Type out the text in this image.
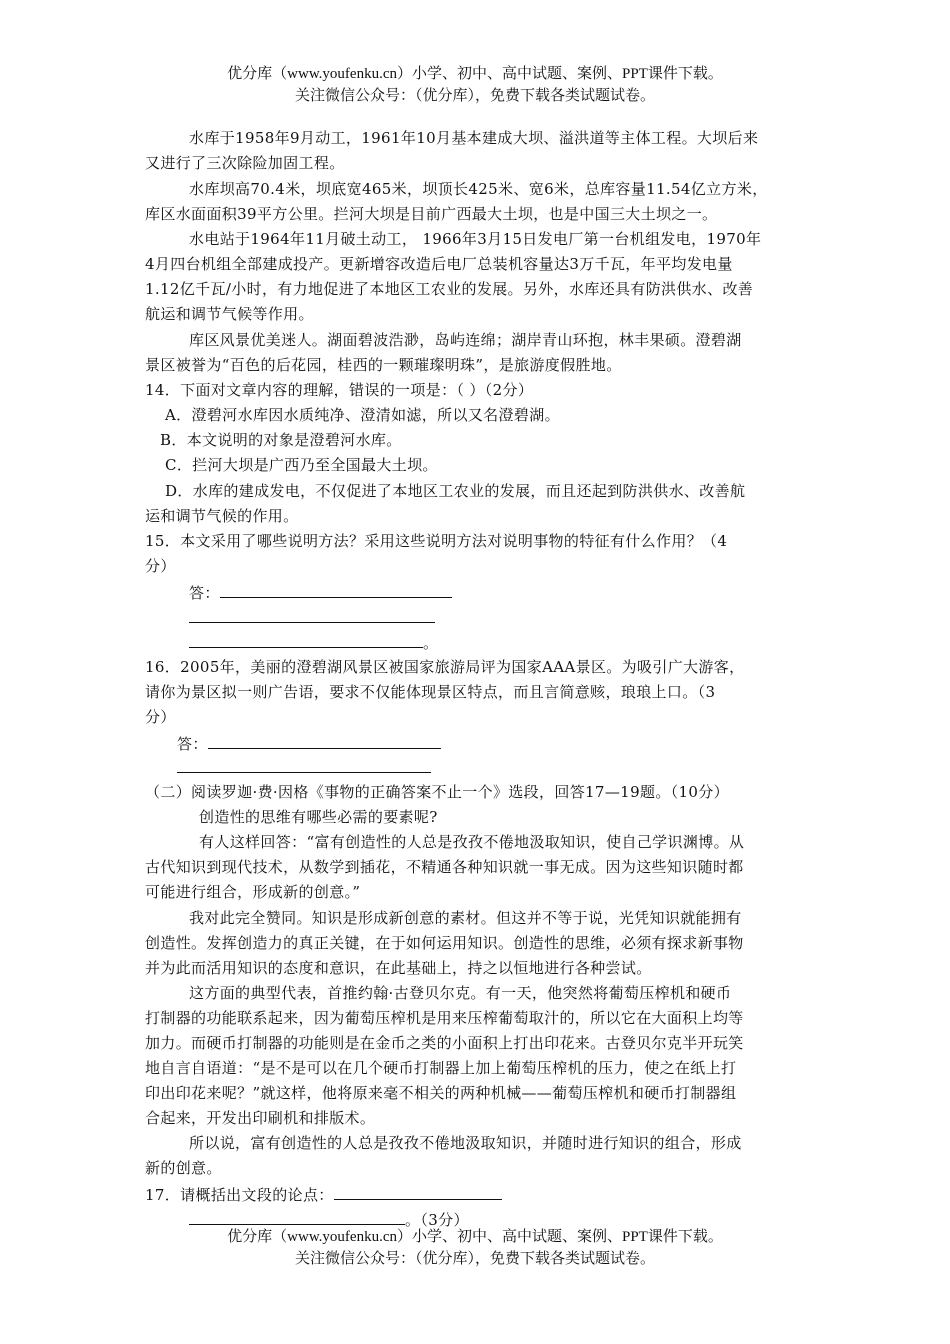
优分库（www.youfenku.cn）小学、初中、高中试题、案例、PPT课件下载。
关注微信公众号：（优分库），免费下载各类试题试卷。
水库于1958年9月动工，1961年10月基本建成大坝、溢洪道等主体工程。大坝后来
又进行了三次除险加固工程。
水库坝高70.4米，坝底宽465米，坝顶长425米、宽6米，总库容量11.54亿立方米，
库区水面面积39平方公里。拦河大坝是目前广西最大土坝，也是中国三大土坝之一。
水电站于1964年11月破土动工， 1966年3月15日发电厂第一台机组发电，1970年
4月四台机组全部建成投产。更新增容改造后电厂总装机容量达3万千瓦，年平均发电量
1.12亿千瓦/小时，有力地促进了本地区工农业的发展。另外，水库还具有防洪供水、改善
航运和调节气候等作用。
库区风景优美迷人。湖面碧波浩渺，岛屿连绵；湖岸青山环抱，林丰果硕。澄碧湖
景区被誉为“百色的后花园，桂西的一颗璀璨明珠”，是旅游度假胜地。
14．下面对文章内容的理解，错误的一项是：（ ）（2分）
A．澄碧河水库因水质纯净、澄清如滤，所以又名澄碧湖。
B．本文说明的对象是澄碧河水库。
C．拦河大坝是广西乃至全国最大土坝。
D．水库的建成发电，不仅促进了本地区工农业的发展，而且还起到防洪供水、改善航
运和调节气候的作用。
15．本文采用了哪些说明方法？采用这些说明方法对说明事物的特征有什么作用？（4
分）
答：
。
16．2005年，美丽的澄碧湖风景区被国家旅游局评为国家AAA景区。为吸引广大游客，
请你为景区拟一则广告语，要求不仅能体现景区特点，而且言简意赅，琅琅上口。（3
分）
答：
（二）阅读罗迦·费·因格《事物的正确答案不止一个》选段，回答17—19题。（10分）
创造性的思维有哪些必需的要素呢?
有人这样回答：“富有创造性的人总是孜孜不倦地汲取知识，使自己学识渊博。从
古代知识到现代技术，从数学到插花，不精通各种知识就一事无成。因为这些知识随时都
可能进行组合，形成新的创意。”
我对此完全赞同。知识是形成新创意的素材。但这并不等于说，光凭知识就能拥有
创造性。发挥创造力的真正关键，在于如何运用知识。创造性的思维，必须有探求新事物
并为此而活用知识的态度和意识，在此基础上，持之以恒地进行各种尝试。
这方面的典型代表，首推约翰·古登贝尔克。有一天，他突然将葡萄压榨机和硬币
打制器的功能联系起来，因为葡萄压榨机是用来压榨葡萄取汁的，所以它在大面积上均等
加力。而硬币打制器的功能则是在金币之类的小面积上打出印花来。古登贝尔克半开玩笑
地自言自语道：“是不是可以在几个硬币打制器上加上葡萄压榨机的压力，使之在纸上打
印出印花来呢？”就这样，他将原来毫不相关的两种机械——葡萄压榨机和硬币打制器组
合起来，开发出印刷机和排版术。
所以说，富有创造性的人总是孜孜不倦地汲取知识，并随时进行知识的组合，形成
新的创意。
17．请概括出文段的论点：
。（3分）
优分库（www.youfenku.cn）小学、初中、高中试题、案例、PPT课件下载。
关注微信公众号：（优分库），免费下载各类试题试卷。
